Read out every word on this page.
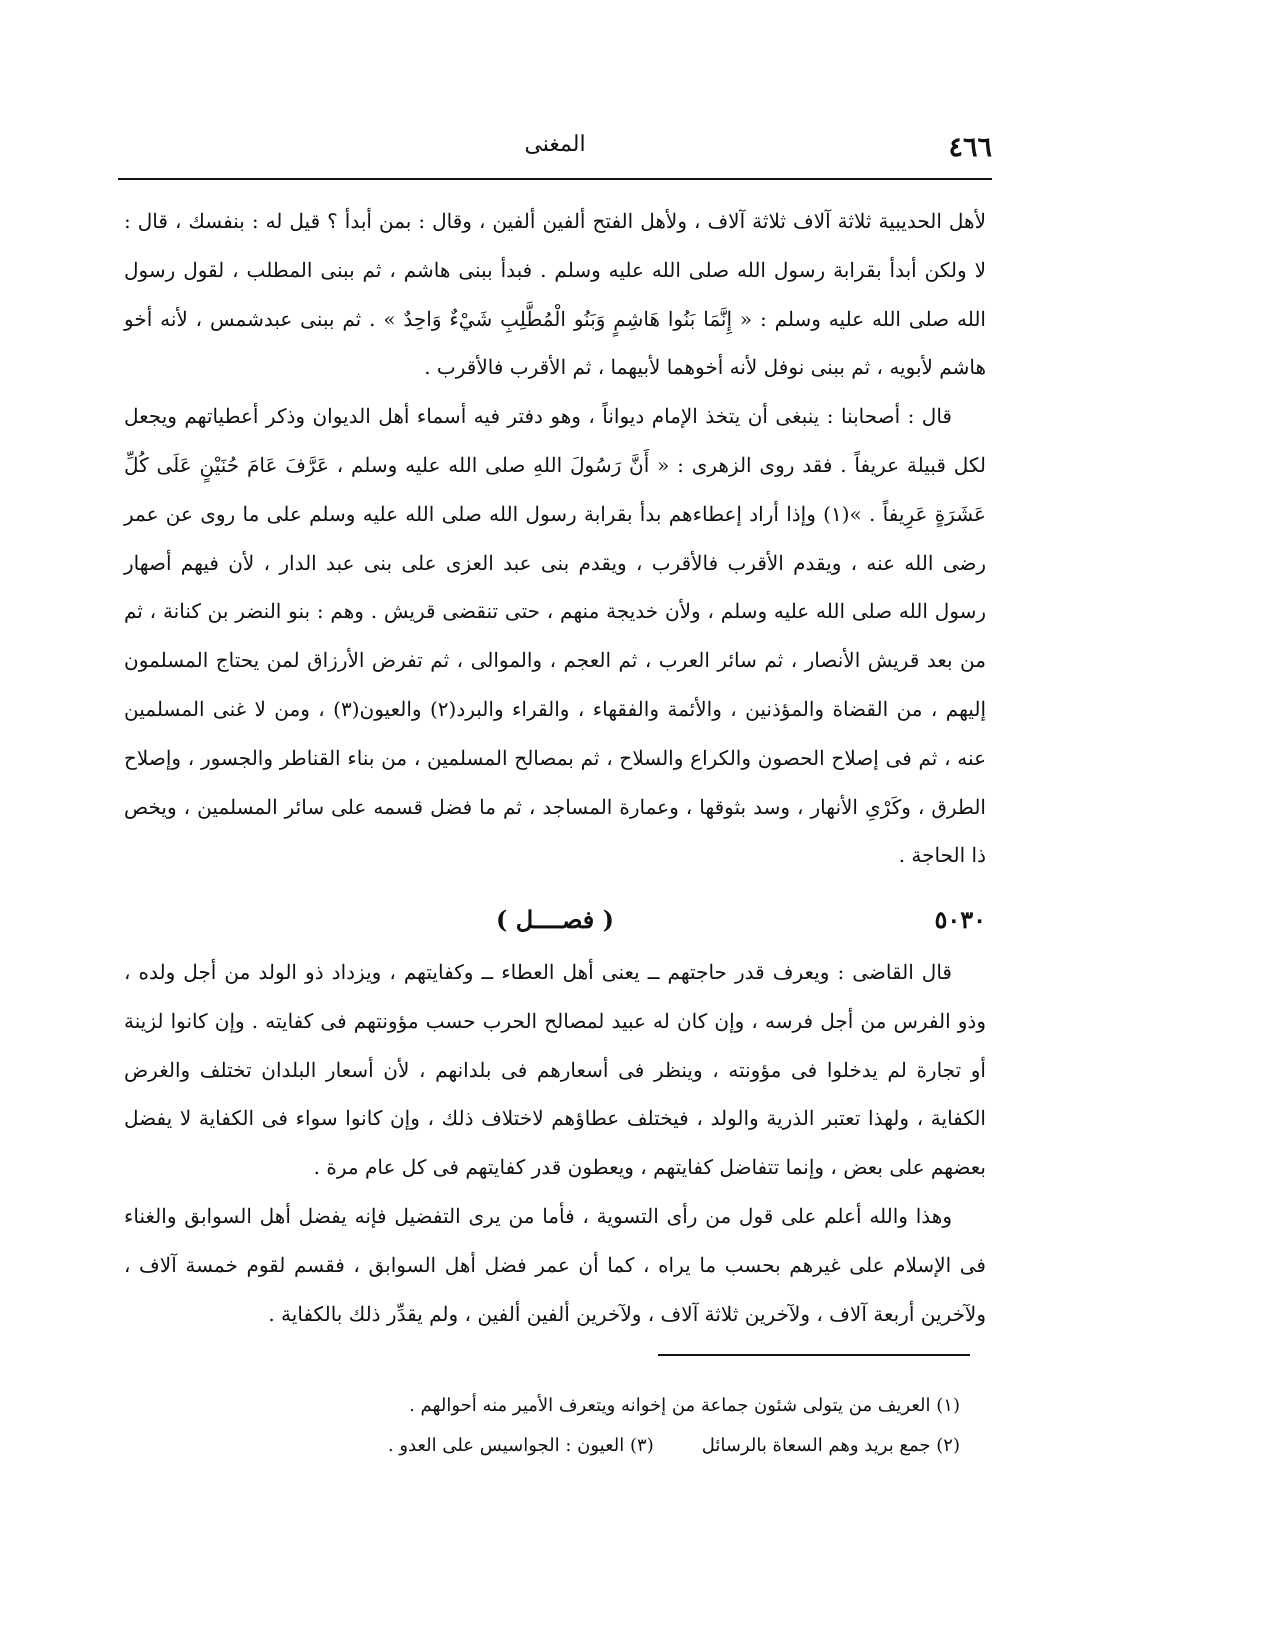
٤٦٦
المغنى

لأهل الحديبية ثلاثة آلاف ثلاثة آلاف ، ولأهل الفتح ألفين ألفين ، وقال : بمن أبدأ ؟ قيل له : بنفسك ، قال : لا ولكن أبدأ بقرابة رسول الله صلى الله عليه وسلم . فبدأ ببنى هاشم ، ثم ببنى المطلب ، لقول رسول الله صلى الله عليه وسلم : « إِنَّمَا بَنُوا هَاشِمٍ وَبَنُو الْمُطَّلِبِ شَيْءٌ وَاحِدٌ » . ثم ببنى عبدشمس ، لأنه أخو هاشم لأبويه ، ثم ببنى نوفل لأنه أخوهما لأبيهما ، ثم الأقرب فالأقرب .

قال : أصحابنا : ينبغى أن يتخذ الإمام ديواناً ، وهو دفتر فيه أسماء أهل الديوان وذكر أعطياتهم ويجعل لكل قبيلة عريفاً . فقد روى الزهرى : « أَنَّ رَسُولَ اللهِ صلى الله عليه وسلم ، عَرَّفَ عَامَ حُنَيْنٍ عَلَى كُلِّ عَشَرَةٍ عَرِيفاً . »(١) وإذا أراد إعطاءهم بدأ بقرابة رسول الله صلى الله عليه وسلم على ما روى عن عمر رضى الله عنه ، ويقدم الأقرب فالأقرب ، ويقدم بنى عبد العزى على بنى عبد الدار ، لأن فيهم أصهار رسول الله صلى الله عليه وسلم ، ولأن خديجة منهم ، حتى تنقضى قريش . وهم : بنو النضر بن كنانة ، ثم من بعد قريش الأنصار ، ثم سائر العرب ، ثم العجم ، والموالى ، ثم تفرض الأرزاق لمن يحتاج المسلمون إليهم ، من القضاة والمؤذنين ، والأئمة والفقهاء ، والقراء والبرد(٢) والعيون(٣) ، ومن لا غنى المسلمين عنه ، ثم فى إصلاح الحصون والكراع والسلاح ، ثم بمصالح المسلمين ، من بناء القناطر والجسور ، وإصلاح الطرق ، وكَرْىِ الأنهار ، وسد بثوقها ، وعمارة المساجد ، ثم ما فضل قسمه على سائر المسلمين ، ويخص ذا الحاجة .

٥٠٣٠
( فصــــل )

قال القاضى : ويعرف قدر حاجتهم ــ يعنى أهل العطاء ــ وكفايتهم ، ويزداد ذو الولد من أجل ولده ، وذو الفرس من أجل فرسه ، وإن كان له عبيد لمصالح الحرب حسب مؤونتهم فى كفايته . وإن كانوا لزينة أو تجارة لم يدخلوا فى مؤونته ، وينظر فى أسعارهم فى بلدانهم ، لأن أسعار البلدان تختلف والغرض الكفاية ، ولهذا تعتبر الذرية والولد ، فيختلف عطاؤهم لاختلاف ذلك ، وإن كانوا سواء فى الكفاية لا يفضل بعضهم على بعض ، وإنما تتفاضل كفايتهم ، ويعطون قدر كفايتهم فى كل عام مرة .

وهذا والله أعلم على قول من رأى التسوية ، فأما من يرى التفضيل فإنه يفضل أهل السوابق والغناء فى الإسلام على غيرهم بحسب ما يراه ، كما أن عمر فضل أهل السوابق ، فقسم لقوم خمسة آلاف ، ولآخرين أربعة آلاف ، ولآخرين ثلاثة آلاف ، ولآخرين ألفين ألفين ، ولم يقدِّر ذلك بالكفاية .

(١) العريف من يتولى شئون جماعة من إخوانه ويتعرف الأمير منه أحوالهم .
(٢) جمع بريد وهم السعاة بالرسائل
(٣) العيون : الجواسيس على العدو .
